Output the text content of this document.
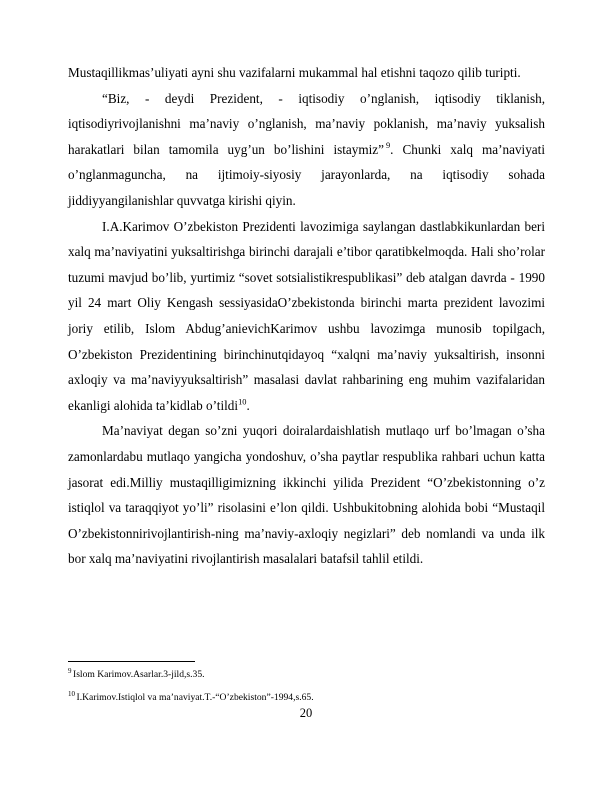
Mustaqillikmas’uliyati ayni shu vazifalarni mukammal hal etishni taqozo qilib turipti.

“Biz, - deydi Prezident, - iqtisodiy o’nglanish, iqtisodiy tiklanish, iqtisodiyrivojlanishni ma’naviy o’nglanish, ma’naviy poklanish, ma’naviy yuksalish harakatlari bilan tamomila uyg’un bo’lishini istaymiz” $^9$. Chunki xalq ma’naviyati o’nglanmaguncha, na ijtimoiy-siyosiy jarayonlarda, na iqtisodiy sohada jiddiyyangilanishlar quvvatga kirishi qiyin.

I.A.Karimov O’zbekiston Prezidenti lavozimiga saylangan dastlabkikunlardan beri xalq ma’naviyatini yuksaltirishga birinchi darajali e’tibor qaratibkelmoqda. Hali sho’rolar tuzumi mavjud bo’lib, yurtimiz “sovet sotsialistikrespublikasi” deb atalgan davrda - 1990 yil 24 mart Oliy Kengash sessiyasidaO’zbekistonda birinchi marta prezident lavozimi joriy etilib, Islom Abdug’anievichKarimov ushbu lavozimga munosib topilgach, O’zbekiston Prezidentining birinchinutqidayoq “xalqni ma’naviy yuksaltirish, insonni axloqiy va ma’naviyyuksaltirish” masalasi davlat rahbarining eng muhim vazifalaridan ekanligi alohida ta’kidlab o’tildi$^{10}$.

Ma’naviyat degan so’zni yuqori doiralardaishlatish mutlaqo urf bo’lmagan o’sha zamonlardabu mutlaqo yangicha yondoshuv, o’sha paytlar respublika rahbari uchun katta jasorat edi.Milliy mustaqilligimizning ikkinchi yilida Prezident “O’zbekistonning o’z istiqlol va taraqqiyot yo’li” risolasini e’lon qildi. Ushbukitobning alohida bobi “Mustaqil O’zbekistonnirivojlantirish-ning ma’naviy-axloqiy negizlari” deb nomlandi va unda ilk bor xalq ma’naviyatini rivojlantirish masalalari batafsil tahlil etildi.

$^9$ Islom Karimov.Asarlar.3-jild,s.35.

$^{10}$ I.Karimov.Istiqlol va ma’naviyat.T.-“O’zbekiston”-1994,s.65.

20
